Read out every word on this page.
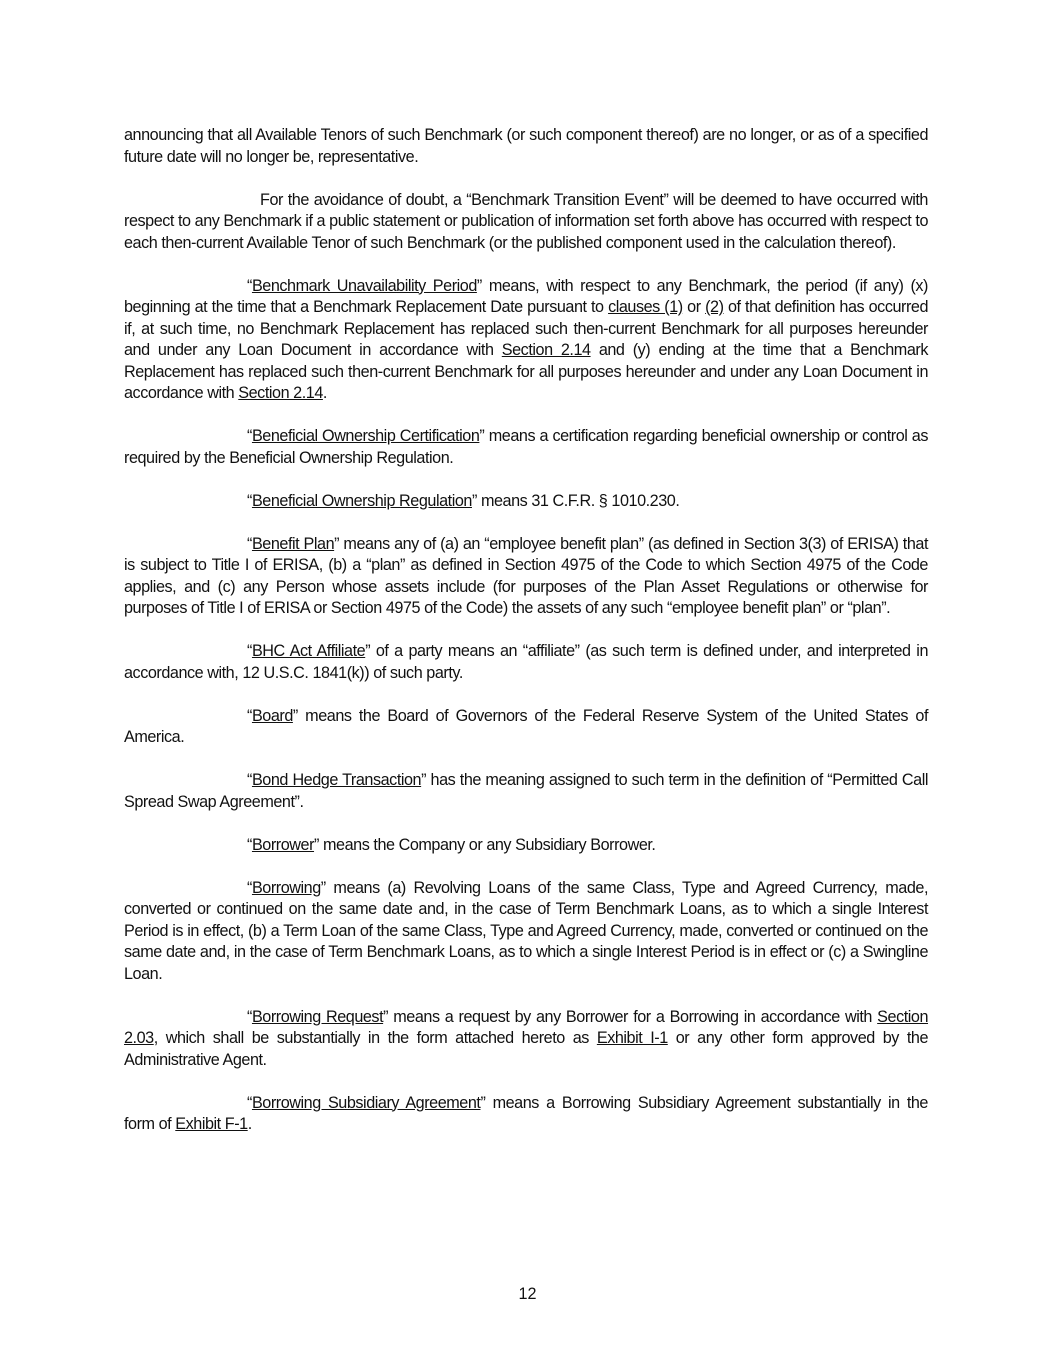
announcing that all Available Tenors of such Benchmark (or such component thereof) are no longer, or as of a specified future date will no longer be, representative.

For the avoidance of doubt, a “Benchmark Transition Event” will be deemed to have occurred with respect to any Benchmark if a public statement or publication of information set forth above has occurred with respect to each then-current Available Tenor of such Benchmark (or the published component used in the calculation thereof).

“Benchmark Unavailability Period” means, with respect to any Benchmark, the period (if any) (x) beginning at the time that a Benchmark Replacement Date pursuant to clauses (1) or (2) of that definition has occurred if, at such time, no Benchmark Replacement has replaced such then-current Benchmark for all purposes hereunder and under any Loan Document in accordance with Section 2.14 and (y) ending at the time that a Benchmark Replacement has replaced such then-current Benchmark for all purposes hereunder and under any Loan Document in accordance with Section 2.14.

“Beneficial Ownership Certification” means a certification regarding beneficial ownership or control as required by the Beneficial Ownership Regulation.

“Beneficial Ownership Regulation” means 31 C.F.R. § 1010.230.

“Benefit Plan” means any of (a) an “employee benefit plan” (as defined in Section 3(3) of ERISA) that is subject to Title I of ERISA, (b) a “plan” as defined in Section 4975 of the Code to which Section 4975 of the Code applies, and (c) any Person whose assets include (for purposes of the Plan Asset Regulations or otherwise for purposes of Title I of ERISA or Section 4975 of the Code) the assets of any such “employee benefit plan” or “plan”.

“BHC Act Affiliate” of a party means an “affiliate” (as such term is defined under, and interpreted in accordance with, 12 U.S.C. 1841(k)) of such party.

“Board” means the Board of Governors of the Federal Reserve System of the United States of America.

“Bond Hedge Transaction” has the meaning assigned to such term in the definition of “Permitted Call Spread Swap Agreement”.

“Borrower” means the Company or any Subsidiary Borrower.

“Borrowing” means (a) Revolving Loans of the same Class, Type and Agreed Currency, made, converted or continued on the same date and, in the case of Term Benchmark Loans, as to which a single Interest Period is in effect, (b) a Term Loan of the same Class, Type and Agreed Currency, made, converted or continued on the same date and, in the case of Term Benchmark Loans, as to which a single Interest Period is in effect or (c) a Swingline Loan.

“Borrowing Request” means a request by any Borrower for a Borrowing in accordance with Section 2.03, which shall be substantially in the form attached hereto as Exhibit I-1 or any other form approved by the Administrative Agent.

“Borrowing Subsidiary Agreement” means a Borrowing Subsidiary Agreement substantially in the form of Exhibit F-1.

12
